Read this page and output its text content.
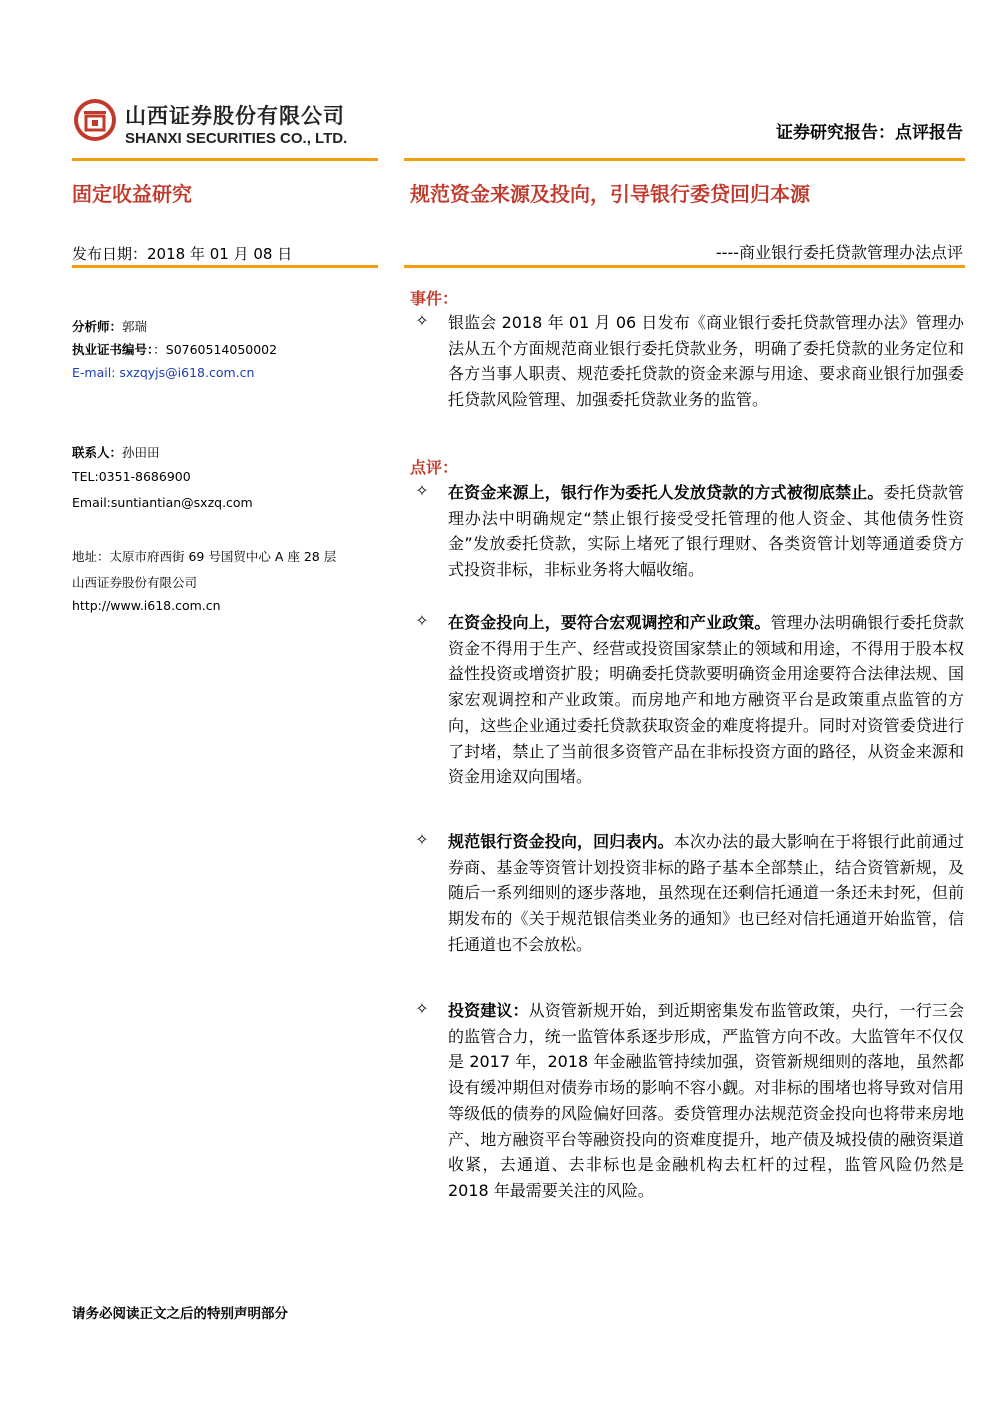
山西证券股份有限公司
SHANXI SECURITIES CO., LTD.	证券研究报告：点评报告
固定收益研究	规范资金来源及投向，引导银行委贷回归本源
发布日期：2018 年 01 月 08 日	----商业银行委托贷款管理办法点评
分析师：郭瑞
执业证书编号：：S0760514050002
E-mail: sxzqyjs@i618.com.cn
联系人：孙田田
TEL:0351-8686900
Email:suntiantian@sxzq.com
地址：太原市府西街 69 号国贸中心 A 座 28 层
山西证券股份有限公司
http://www.i618.com.cn
事件：
✧	银监会 2018 年 01 月 06 日发布《商业银行委托贷款管理办法》管理办法从五个方面规范商业银行委托贷款业务，明确了委托贷款的业务定位和各方当事人职责、规范委托贷款的资金来源与用途、要求商业银行加强委托贷款风险管理、加强委托贷款业务的监管。
点评：
✧	在资金来源上，银行作为委托人发放贷款的方式被彻底禁止。委托贷款管理办法中明确规定“禁止银行接受受托管理的他人资金、其他债务性资金”发放委托贷款，实际上堵死了银行理财、各类资管计划等通道委贷方式投资非标，非标业务将大幅收缩。
✧	在资金投向上，要符合宏观调控和产业政策。管理办法明确银行委托贷款资金不得用于生产、经营或投资国家禁止的领域和用途，不得用于股本权益性投资或增资扩股；明确委托贷款要明确资金用途要符合法律法规、国家宏观调控和产业政策。而房地产和地方融资平台是政策重点监管的方向，这些企业通过委托贷款获取资金的难度将提升。同时对资管委贷进行了封堵，禁止了当前很多资管产品在非标投资方面的路径，从资金来源和资金用途双向围堵。
✧	规范银行资金投向，回归表内。本次办法的最大影响在于将银行此前通过券商、基金等资管计划投资非标的路子基本全部禁止，结合资管新规，及随后一系列细则的逐步落地，虽然现在还剩信托通道一条还未封死，但前期发布的《关于规范银信类业务的通知》也已经对信托通道开始监管，信托通道也不会放松。
✧	投资建议：从资管新规开始，到近期密集发布监管政策，央行，一行三会的监管合力，统一监管体系逐步形成，严监管方向不改。大监管年不仅仅是 2017 年，2018 年金融监管持续加强，资管新规细则的落地，虽然都设有缓冲期但对债券市场的影响不容小觑。对非标的围堵也将导致对信用等级低的债券的风险偏好回落。委贷管理办法规范资金投向也将带来房地产、地方融资平台等融资投向的资难度提升，地产债及城投债的融资渠道收紧，去通道、去非标也是金融机构去杠杆的过程，监管风险仍然是 2018 年最需要关注的风险。
请务必阅读正文之后的特别声明部分
